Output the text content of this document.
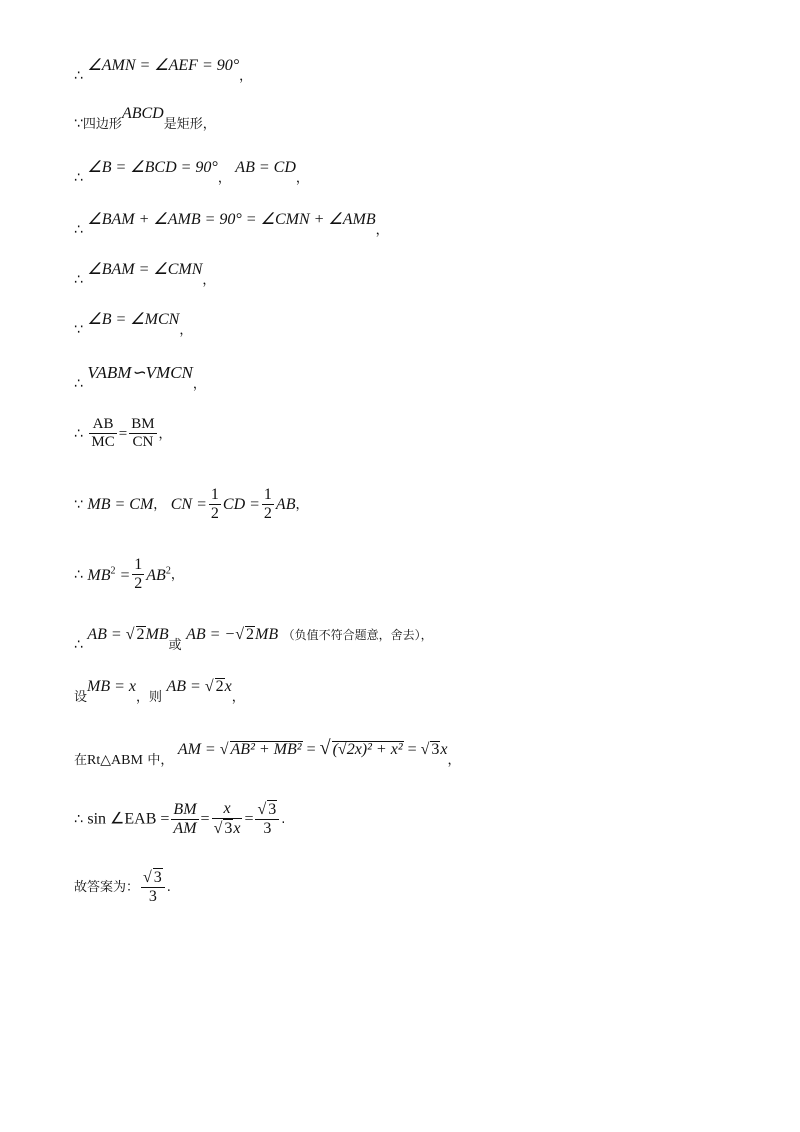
∴ ∠AMN = ∠AEF = 90°，
∵四边形ABCD是矩形，
∴ ∠B = ∠BCD = 90°， AB = CD，
∴ ∠BAM + ∠AMB = 90° = ∠CMN + ∠AMB，
∴ ∠BAM = ∠CMN，
∵ ∠B = ∠MCN，
∴ VABM∽VMCN，
∴ $\frac{AB}{MC} = \frac{BM}{CN}$ ，
∵ MB = CM， CN = $\frac{1}{2}$ CD = $\frac{1}{2}$ AB，
∴ $MB^2 = \frac{1}{2} AB^2$，
∴ AB = √ 2MB或 AB = −√ 2MB （负值不符合题意，舍去），
设MB = x，则 AB = √ 2x，
在Rt△ABM 中， AM = √ AB² + MB² = √ (√2x)² + x² = √ 3x，
∴ sin ∠EAB = $\frac{BM}{AM} = \frac{x}{√ 3x} = \frac{√ 3}{3}$ .
故答案为： $\frac{√ 3}{3}$ .
